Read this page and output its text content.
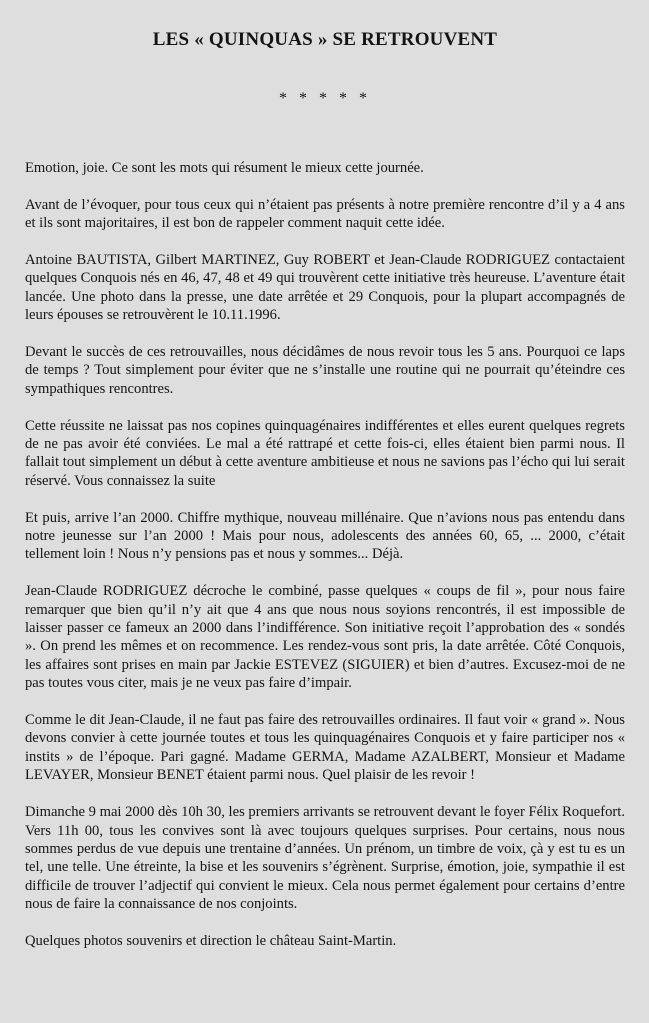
LES « QUINQUAS » SE RETROUVENT
* * * * *

Emotion, joie. Ce sont les mots qui résument le mieux cette journée.

Avant de l’évoquer, pour tous ceux qui n’étaient pas présents à notre première rencontre d’il y a 4 ans et ils sont majoritaires, il est bon de rappeler comment naquit cette idée.

Antoine BAUTISTA, Gilbert MARTINEZ, Guy ROBERT et Jean-Claude RODRIGUEZ contactaient quelques Conquois nés en 46, 47, 48 et 49 qui trouvèrent cette initiative très heureuse. L’aventure était lancée. Une photo dans la presse, une date arrêtée et 29 Conquois, pour la plupart accompagnés de leurs épouses se retrouvèrent le 10.11.1996.

Devant le succès de ces retrouvailles, nous décidâmes de nous revoir tous les 5 ans. Pourquoi ce laps de temps ? Tout simplement pour éviter que ne s’installe une routine qui ne pourrait qu’éteindre ces sympathiques rencontres.

Cette réussite ne laissat pas nos copines quinquagénaires indifférentes et elles eurent quelques regrets de ne pas avoir été conviées. Le mal a été rattrapé et cette fois-ci, elles étaient bien parmi nous. Il fallait tout simplement un début à cette aventure ambitieuse et nous ne savions pas l’écho qui lui serait réservé. Vous connaissez la suite

Et puis, arrive l’an 2000. Chiffre mythique, nouveau millénaire. Que n’avions nous pas entendu dans notre jeunesse sur l’an 2000 ! Mais pour nous, adolescents des années 60, 65, ... 2000, c’était tellement loin ! Nous n’y pensions pas et nous y sommes... Déjà.

Jean-Claude RODRIGUEZ décroche le combiné, passe quelques « coups de fil », pour nous faire remarquer que bien qu’il n’y ait que 4 ans que nous nous soyions rencontrés, il est impossible de laisser passer ce fameux an 2000 dans l’indifférence. Son initiative reçoit l’approbation des « sondés ». On prend les mêmes et on recommence. Les rendez-vous sont pris, la date arrêtée. Côté Conquois, les affaires sont prises en main par Jackie ESTEVEZ (SIGUIER) et bien d’autres. Excusez-moi de ne pas toutes vous citer, mais je ne veux pas faire d’impair.

Comme le dit Jean-Claude, il ne faut pas faire des retrouvailles ordinaires. Il faut voir « grand ». Nous devons convier à cette journée toutes et tous les quinquagénaires Conquois et y faire participer nos « instits » de l’époque. Pari gagné. Madame GERMA, Madame AZALBERT, Monsieur et Madame LEVAYER, Monsieur BENET étaient parmi nous. Quel plaisir de les revoir !

Dimanche 9 mai 2000 dès 10h 30, les premiers arrivants se retrouvent devant le foyer Félix Roquefort. Vers 11h 00, tous les convives sont là avec toujours quelques surprises. Pour certains, nous nous sommes perdus de vue depuis une trentaine d’années. Un prénom, un timbre de voix, çà y est tu es un tel, une telle. Une étreinte, la bise et les souvenirs s’égrènent. Surprise, émotion, joie, sympathie il est difficile de trouver l’adjectif qui convient le mieux. Cela nous permet également pour certains d’entre nous de faire la connaissance de nos conjoints.

Quelques photos souvenirs et direction le château Saint-Martin.
